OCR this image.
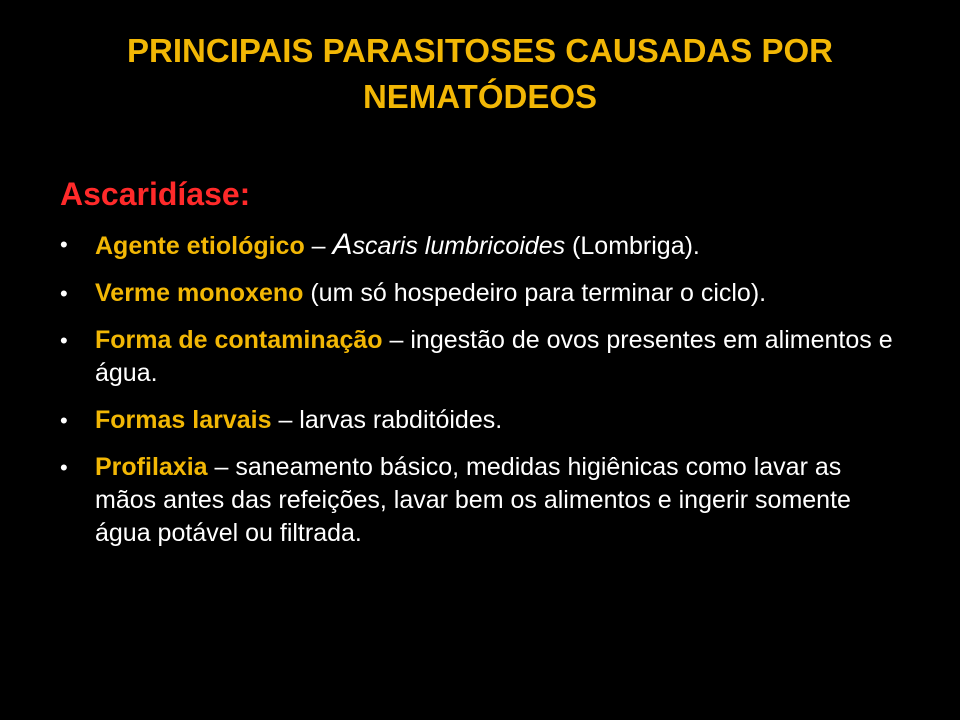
PRINCIPAIS PARASITOSES CAUSADAS POR
NEMATÓDEOS
Ascaridíase:
• Agente etiológico – Ascaris lumbricoides (Lombriga).
• Verme monoxeno (um só hospedeiro para terminar o ciclo).
• Forma de contaminação – ingestão de ovos presentes em alimentos e água.
• Formas larvais – larvas rabditóides.
• Profilaxia – saneamento básico, medidas higiênicas como lavar as mãos antes das refeições, lavar bem os alimentos e ingerir somente água potável ou filtrada.
